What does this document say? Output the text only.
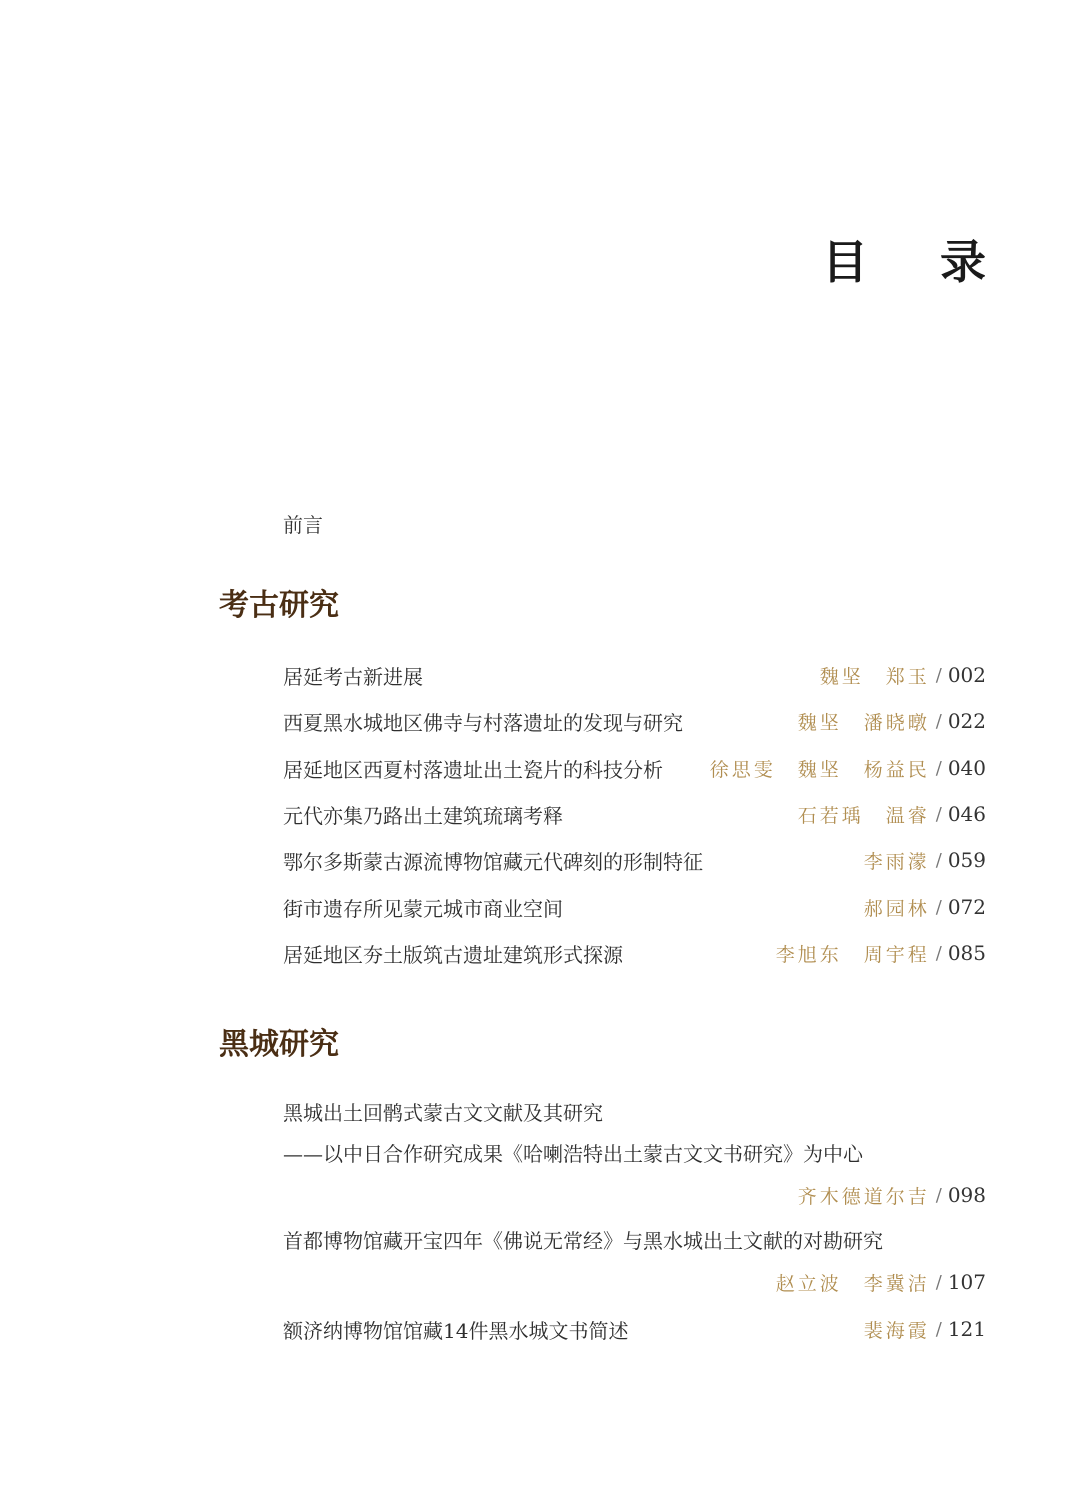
目 录
前言
考古研究
居延考古新进展	魏坚 郑玉 / 002
西夏黑水城地区佛寺与村落遗址的发现与研究	魏坚 潘晓暾 / 022
居延地区西夏村落遗址出土瓷片的科技分析 徐思雯 魏坚 杨益民 / 040
元代亦集乃路出土建筑琉璃考释	石若瑀 温睿 / 046
鄂尔多斯蒙古源流博物馆藏元代碑刻的形制特征	李雨濛 / 059
街市遗存所见蒙元城市商业空间	郝园林 / 072
居延地区夯土版筑古遗址建筑形式探源	李旭东 周宇程 / 085
黑城研究
黑城出土回鹘式蒙古文文献及其研究
——以中日合作研究成果《哈喇浩特出土蒙古文文书研究》为中心
齐木德道尔吉 / 098
首都博物馆藏开宝四年《佛说无常经》与黑水城出土文献的对勘研究
赵立波 李冀洁 / 107
额济纳博物馆馆藏14件黑水城文书简述	裴海霞 / 121
